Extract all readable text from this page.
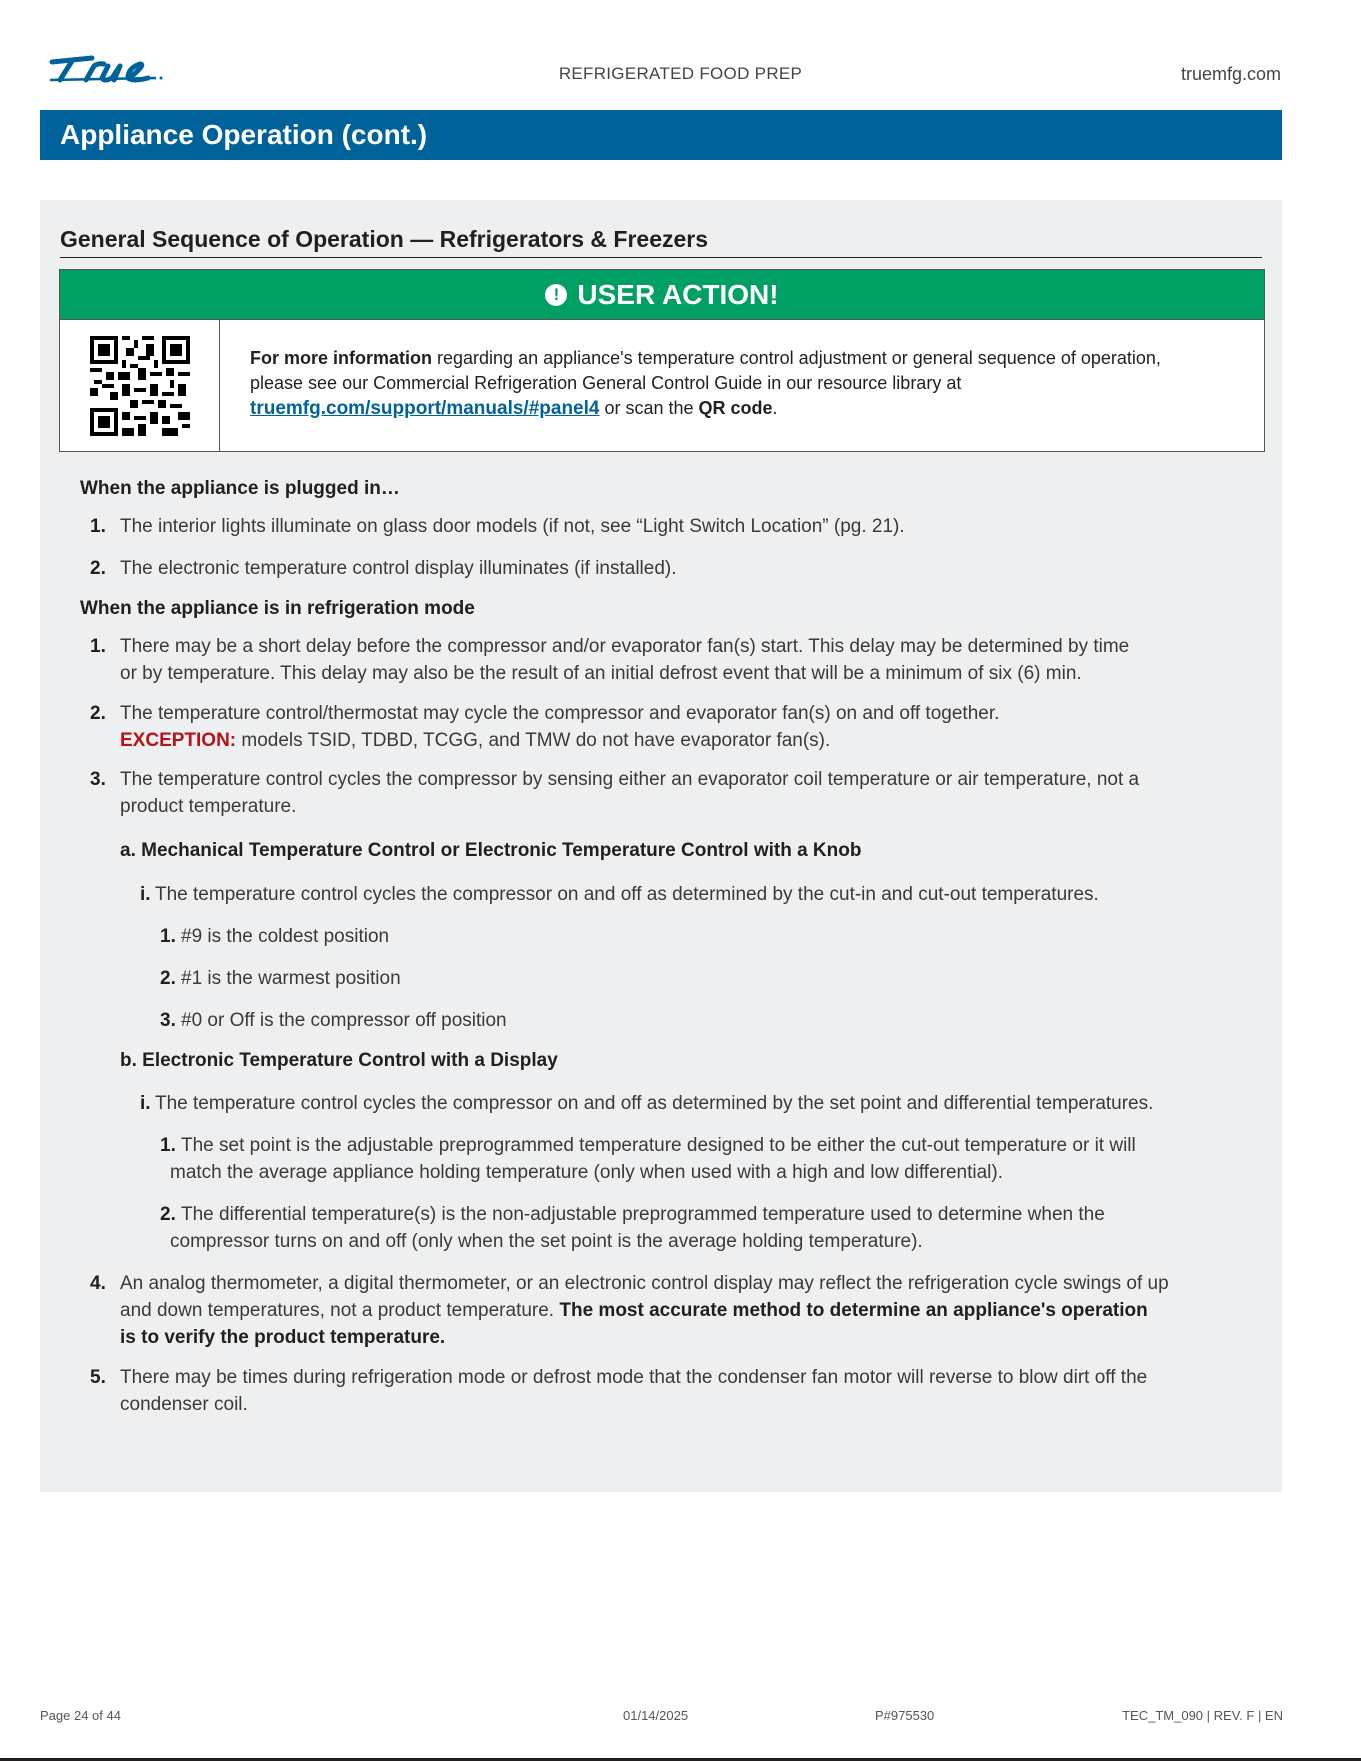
REFRIGERATED FOOD PREP	truemfg.com
Appliance Operation (cont.)
General Sequence of Operation — Refrigerators & Freezers
! USER ACTION!
For more information regarding an appliance's temperature control adjustment or general sequence of operation,
please see our Commercial Refrigeration General Control Guide in our resource library at
truemfg.com/support/manuals/#panel4 or scan the QR code.
When the appliance is plugged in…
1. The interior lights illuminate on glass door models (if not, see “Light Switch Location” (pg. 21).
2. The electronic temperature control display illuminates (if installed).
When the appliance is in refrigeration mode
1. There may be a short delay before the compressor and/or evaporator fan(s) start. This delay may be determined by time
or by temperature. This delay may also be the result of an initial defrost event that will be a minimum of six (6) min.
2. The temperature control/thermostat may cycle the compressor and evaporator fan(s) on and off together.
EXCEPTION: models TSID, TDBD, TCGG, and TMW do not have evaporator fan(s).
3. The temperature control cycles the compressor by sensing either an evaporator coil temperature or air temperature, not a
product temperature.
a. Mechanical Temperature Control or Electronic Temperature Control with a Knob
i. The temperature control cycles the compressor on and off as determined by the cut-in and cut-out temperatures.
1. #9 is the coldest position
2. #1 is the warmest position
3. #0 or Off is the compressor off position
b. Electronic Temperature Control with a Display
i. The temperature control cycles the compressor on and off as determined by the set point and differential temperatures.
1. The set point is the adjustable preprogrammed temperature designed to be either the cut-out temperature or it will
match the average appliance holding temperature (only when used with a high and low differential).
2. The differential temperature(s) is the non-adjustable preprogrammed temperature used to determine when the
compressor turns on and off (only when the set point is the average holding temperature).
4. An analog thermometer, a digital thermometer, or an electronic control display may reflect the refrigeration cycle swings of up
and down temperatures, not a product temperature. The most accurate method to determine an appliance's operation
is to verify the product temperature.
5. There may be times during refrigeration mode or defrost mode that the condenser fan motor will reverse to blow dirt off the
condenser coil.
Page 24 of 44	01/14/2025	P#975530	TEC_TM_090 | REV. F | EN
